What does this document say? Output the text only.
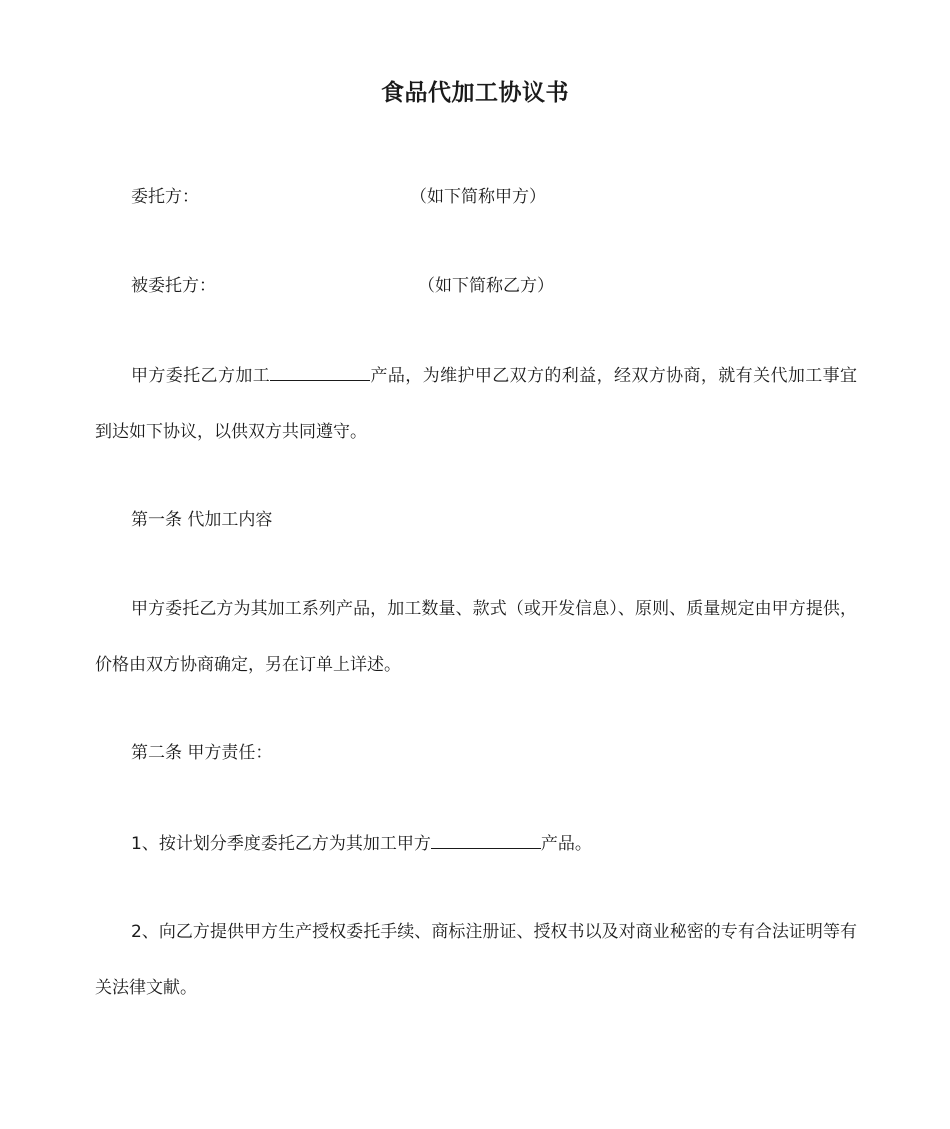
食品代加工协议书

委托方：	（如下简称甲方）

被委托方：	（如下简称乙方）

甲方委托乙方加工	产品，为维护甲乙双方的利益，经双方协商，就有关代加工事宜到达如下协议，以供双方共同遵守。

第一条 代加工内容

甲方委托乙方为其加工系列产品，加工数量、款式（或开发信息）、原则、质量规定由甲方提供，价格由双方协商确定，另在订单上详述。

第二条 甲方责任：

1、按计划分季度委托乙方为其加工甲方	产品。

2、向乙方提供甲方生产授权委托手续、商标注册证、授权书以及对商业秘密的专有合法证明等有关法律文献。
